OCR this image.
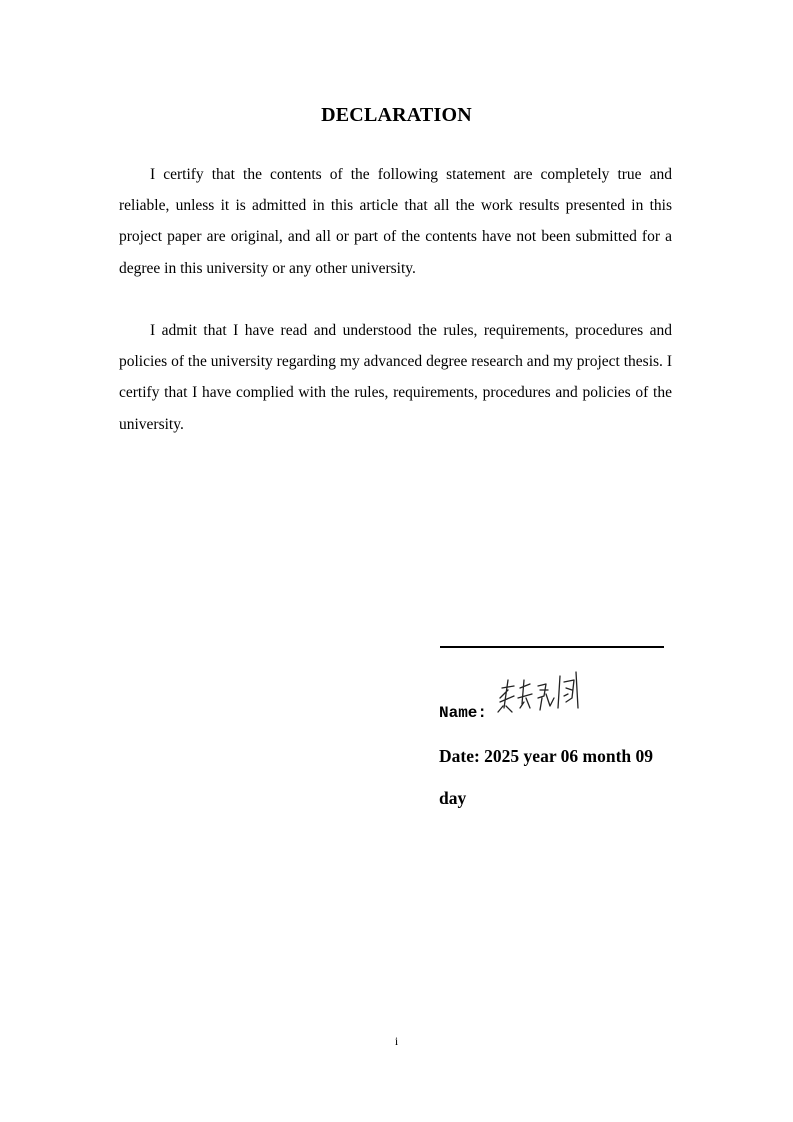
DECLARATION

I certify that the contents of the following statement are completely true and reliable, unless it is admitted in this article that all the work results presented in this project paper are original, and all or part of the contents have not been submitted for a degree in this university or any other university.

I admit that I have read and understood the rules, requirements, procedures and policies of the university regarding my advanced degree research and my project thesis. I certify that I have complied with the rules, requirements, procedures and policies of the university.

Name:

Date: 2025 year 06 month 09 day

i
